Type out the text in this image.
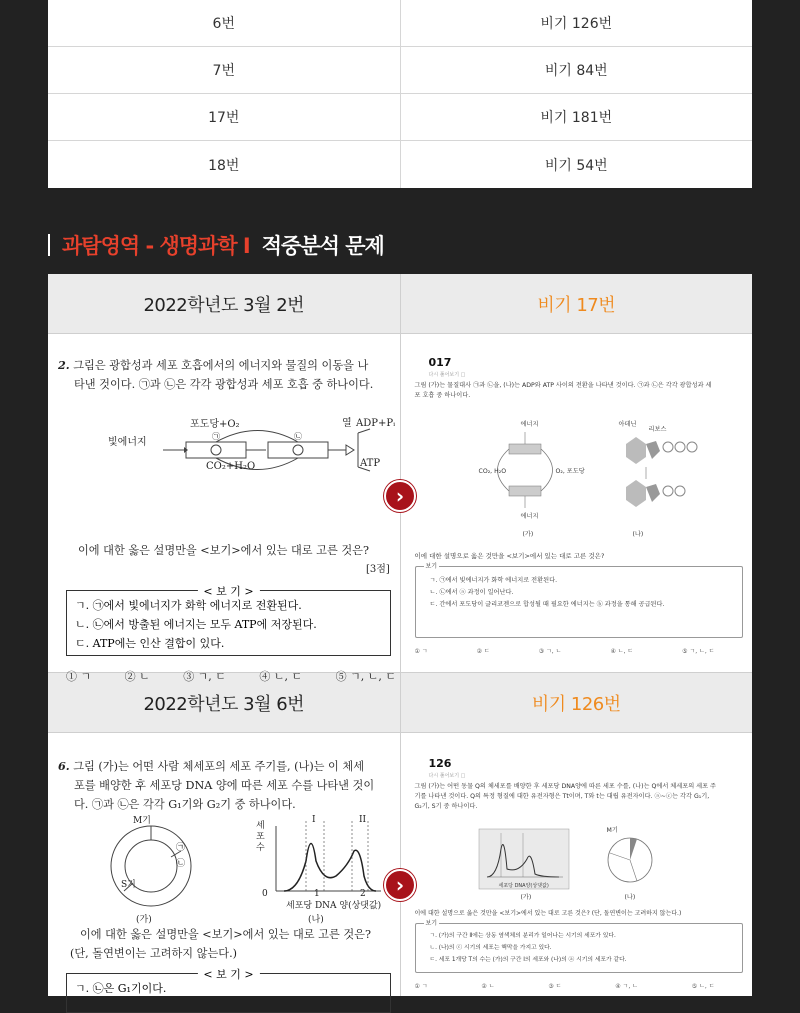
6번	비기 126번
7번	비기 84번
17번	비기 181번
18번	비기 54번
과탐영역 - 생명과학 I 적중분석 문제
2022학년도 3월 2번	비기 17번
2. 그림은 광합성과 세포 호흡에서의 에너지와 물질의 이동을 나
타낸 것이다. ㉠과 ㉡은 각각 광합성과 세포 호흡 중 하나이다.
빛에너지
포도당+O₂
CO₂+H₂O
열 ADP+Pᵢ
ATP
㉠	㉡
이에 대한 옳은 설명만을 <보기>에서 있는 대로 고른 것은?
[3점]
< 보 기 >
ㄱ. ㉠에서 빛에너지가 화학 에너지로 전환된다.
ㄴ. ㉡에서 방출된 에너지는 모두 ATP에 저장된다.
ㄷ. ATP에는 인산 결합이 있다.
① ㄱ	② ㄴ	③ ㄱ, ㄷ	④ ㄴ, ㄷ	⑤ ㄱ, ㄴ, ㄷ
017
다시 풀어보기 □
그림 (가)는 물질대사 ㉠과 ㉡을, (나)는 ADP와 ATP 사이의 전환을 나타낸 것이다. ㉠과 ㉡은 각각 광합성과 세
포 호흡 중 하나이다.
에너지
에너지
CO₂, H₂O	O₂, 포도당
(가)
아데닌
리보스
(나)
이에 대한 설명으로 옳은 것만을 <보기>에서 있는 대로 고른 것은?
보기
ㄱ. ㉠에서 빛에너지가 화학 에너지로 전환된다.
ㄴ. ㉡에서 ⓐ 과정이 일어난다.
ㄷ. 간에서 포도당이 글리코젠으로 합성될 때 필요한 에너지는 ⓑ 과정을 통해 공급된다.
① ㄱ	② ㄷ	③ ㄱ, ㄴ	④ ㄴ, ㄷ	⑤ ㄱ, ㄴ, ㄷ
›
2022학년도 3월 6번	비기 126번
6. 그림 (가)는 어떤 사람 체세포의 세포 주기를, (나)는 이 체세
포를 배양한 후 세포당 DNA 양에 따른 세포 수를 나타낸 것이
다. ㉠과 ㉡은 각각 G₁기와 G₂기 중 하나이다.
M기
S기
㉠
㉡
(가)
세포수
0
I	II
1	2
세포당 DNA 양(상댓값)
(나)
이에 대한 옳은 설명만을 <보기>에서 있는 대로 고른 것은?
(단, 돌연변이는 고려하지 않는다.)
< 보 기 >
ㄱ. ㉡은 G₁기이다.
126
다시 풀어보기 □
그림 (가)는 어떤 동물 Q의 체세포를 배양한 후 세포당 DNA양에 따른 세포 수를, (나)는 Q에서 체세포의 세포 주
기를 나타낸 것이다. Q의 특정 형질에 대한 유전자형은 Tt이며, T와 t는 대립 유전자이다. ⓐ~ⓒ는 각각 G₁기,
G₂기, S기 중 하나이다.
세포당 DNA양(상댓값)
(가)
M기
(나)
이에 대한 설명으로 옳은 것만을 <보기>에서 있는 대로 고른 것은? (단, 돌연변이는 고려하지 않는다.)
보기
ㄱ. (가)의 구간 Ⅱ에는 상동 염색체의 분리가 일어나는 시기의 세포가 있다.
ㄴ. (나)의 ⓒ 시기의 세포는 핵막을 가지고 있다.
ㄷ. 세포 1개당 T의 수는 (가)의 구간 Ⅰ의 세포와 (나)의 ⓐ 시기의 세포가 같다.
① ㄱ	② ㄴ	③ ㄷ	④ ㄱ, ㄴ	⑤ ㄴ, ㄷ
›
